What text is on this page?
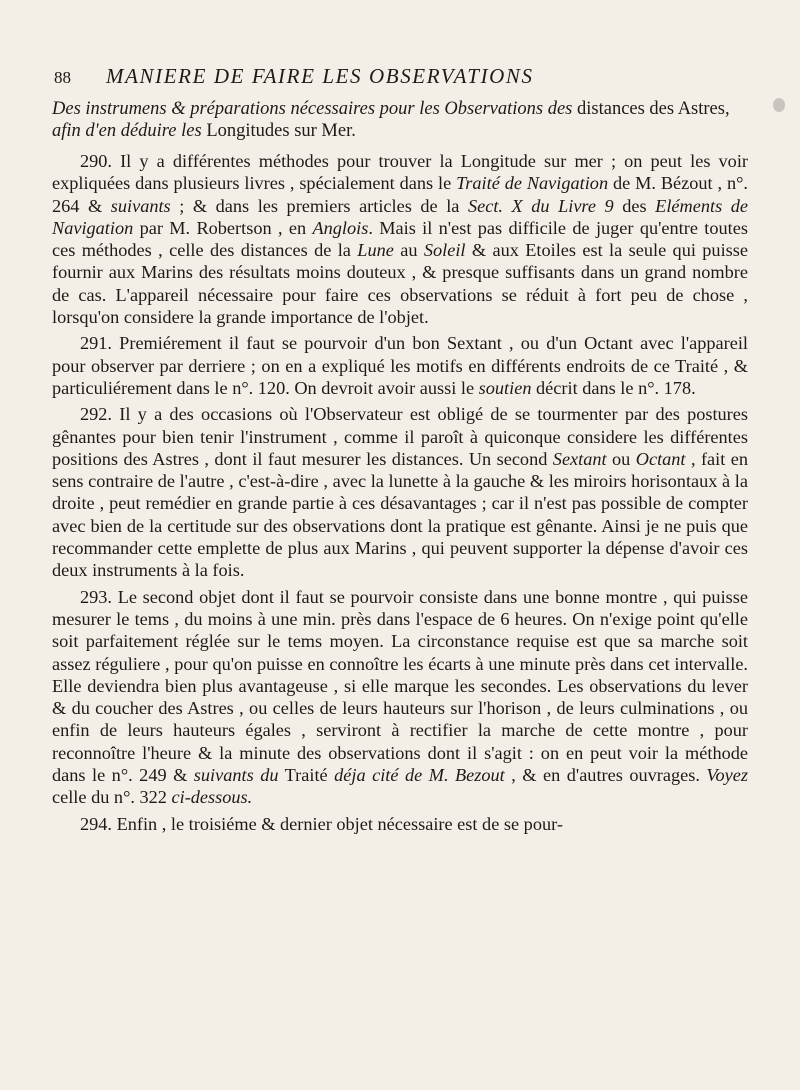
88	MANIERE DE FAIRE LES OBSERVATIONS
Des instrumens & préparations nécessaires pour les Observations des distances des Astres, afin d'en déduire les Longitudes sur Mer.

290. Il y a différentes méthodes pour trouver la Longitude sur mer ; on peut les voir expliquées dans plusieurs livres , spécialement dans le Traité de Navigation de M. Bézout , n°. 264 & suivants ; & dans les premiers articles de la Sect. X du Livre 9 des Eléments de Navigation par M. Robertson , en Anglois. Mais il n'est pas difficile de juger qu'entre toutes ces méthodes , celle des distances de la Lune au Soleil & aux Etoiles est la seule qui puisse fournir aux Marins des résultats moins douteux , & presque suffisants dans un grand nombre de cas. L'appareil nécessaire pour faire ces observations se réduit à fort peu de chose , lorsqu'on considere la grande importance de l'objet.

291. Premiérement il faut se pourvoir d'un bon Sextant , ou d'un Octant avec l'appareil pour observer par derriere ; on en a expliqué les motifs en différents endroits de ce Traité , & particuliérement dans le n°. 120. On devroit avoir aussi le soutien décrit dans le n°. 178.

292. Il y a des occasions où l'Observateur est obligé de se tourmenter par des postures gênantes pour bien tenir l'instrument , comme il paroît à quiconque considere les différentes positions des Astres , dont il faut mesurer les distances. Un second Sextant ou Octant , fait en sens contraire de l'autre , c'est-à-dire , avec la lunette à la gauche & les miroirs horisontaux à la droite , peut remédier en grande partie à ces désavantages ; car il n'est pas possible de compter avec bien de la certitude sur des observations dont la pratique est gênante. Ainsi je ne puis que recommander cette emplette de plus aux Marins , qui peuvent supporter la dépense d'avoir ces deux instruments à la fois.

293. Le second objet dont il faut se pourvoir consiste dans une bonne montre , qui puisse mesurer le tems , du moins à une min. près dans l'espace de 6 heures. On n'exige point qu'elle soit parfaitement réglée sur le tems moyen. La circonstance requise est que sa marche soit assez réguliere , pour qu'on puisse en connoître les écarts à une minute près dans cet intervalle. Elle deviendra bien plus avantageuse , si elle marque les secondes. Les observations du lever & du coucher des Astres , ou celles de leurs hauteurs sur l'horison , de leurs culminations , ou enfin de leurs hauteurs égales , serviront à rectifier la marche de cette montre , pour reconnoître l'heure & la minute des observations dont il s'agit : on en peut voir la méthode dans le n°. 249 & suivants du Traité déja cité de M. Bezout , & en d'autres ouvrages. Voyez celle du n°. 322 ci-dessous.

294. Enfin , le troisiéme & dernier objet nécessaire est de se pour-
